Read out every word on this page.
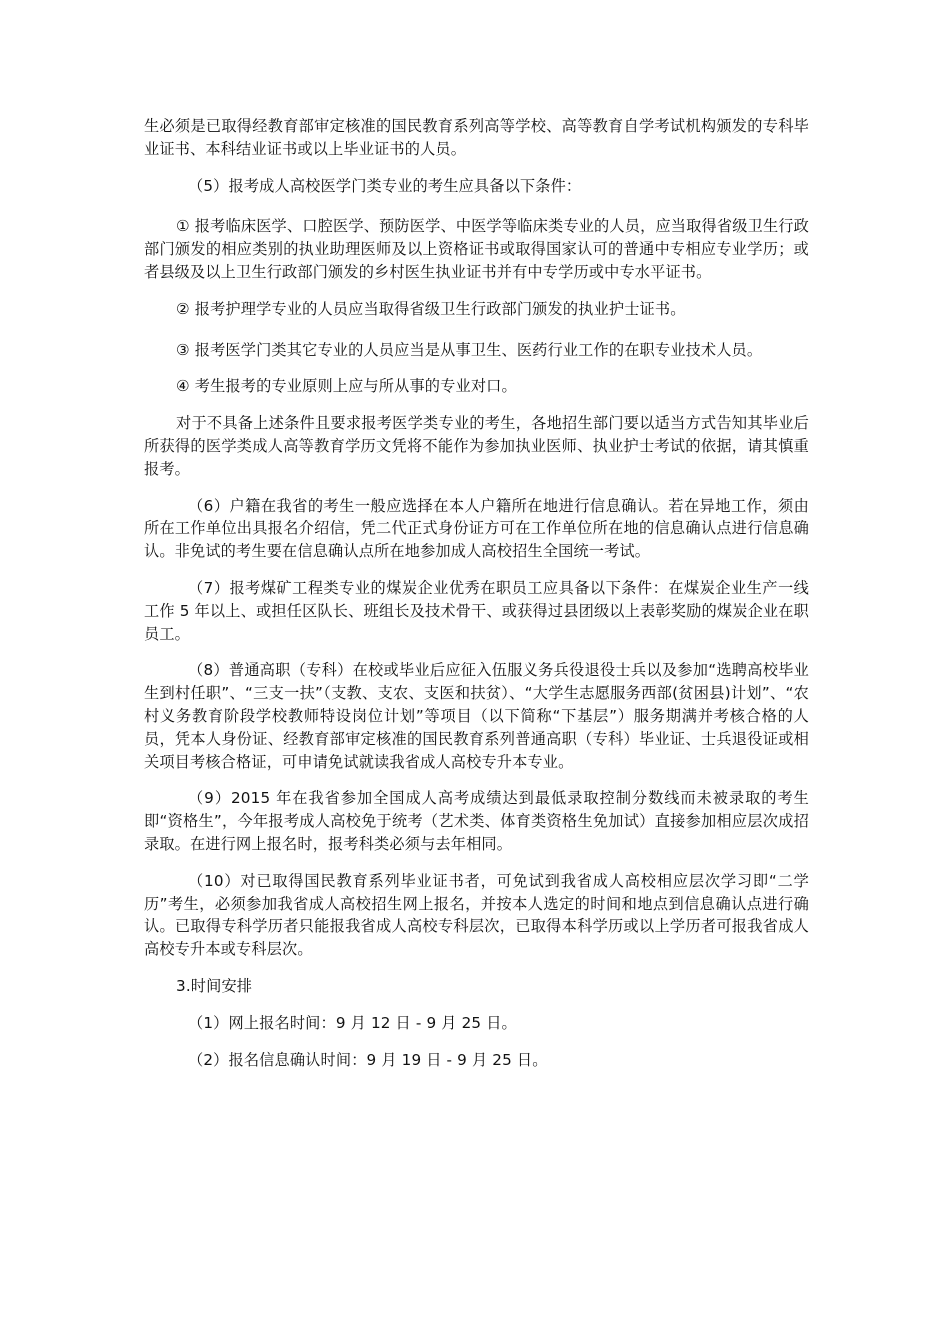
生必须是已取得经教育部审定核准的国民教育系列高等学校、高等教育自学考试机构颁发的专科毕业证书、本科结业证书或以上毕业证书的人员。

（5）报考成人高校医学门类专业的考生应具备以下条件：

① 报考临床医学、口腔医学、预防医学、中医学等临床类专业的人员，应当取得省级卫生行政部门颁发的相应类别的执业助理医师及以上资格证书或取得国家认可的普通中专相应专业学历；或者县级及以上卫生行政部门颁发的乡村医生执业证书并有中专学历或中专水平证书。

② 报考护理学专业的人员应当取得省级卫生行政部门颁发的执业护士证书。

③ 报考医学门类其它专业的人员应当是从事卫生、医药行业工作的在职专业技术人员。

④ 考生报考的专业原则上应与所从事的专业对口。

对于不具备上述条件且要求报考医学类专业的考生，各地招生部门要以适当方式告知其毕业后所获得的医学类成人高等教育学历文凭将不能作为参加执业医师、执业护士考试的依据，请其慎重报考。

（6）户籍在我省的考生一般应选择在本人户籍所在地进行信息确认。若在异地工作，须由所在工作单位出具报名介绍信，凭二代正式身份证方可在工作单位所在地的信息确认点进行信息确认。非免试的考生要在信息确认点所在地参加成人高校招生全国统一考试。

（7）报考煤矿工程类专业的煤炭企业优秀在职员工应具备以下条件：在煤炭企业生产一线工作 5 年以上、或担任区队长、班组长及技术骨干、或获得过县团级以上表彰奖励的煤炭企业在职员工。

（8）普通高职（专科）在校或毕业后应征入伍服义务兵役退役士兵以及参加“选聘高校毕业生到村任职”、“三支一扶”（支教、支农、支医和扶贫）、“大学生志愿服务西部(贫困县)计划”、“农村义务教育阶段学校教师特设岗位计划”等项目（以下简称“下基层”）服务期满并考核合格的人员，凭本人身份证、经教育部审定核准的国民教育系列普通高职（专科）毕业证、士兵退役证或相关项目考核合格证，可申请免试就读我省成人高校专升本专业。

（9）2015 年在我省参加全国成人高考成绩达到最低录取控制分数线而未被录取的考生即“资格生”，今年报考成人高校免于统考（艺术类、体育类资格生免加试）直接参加相应层次成招录取。在进行网上报名时，报考科类必须与去年相同。

（10）对已取得国民教育系列毕业证书者，可免试到我省成人高校相应层次学习即“二学历”考生，必须参加我省成人高校招生网上报名，并按本人选定的时间和地点到信息确认点进行确认。已取得专科学历者只能报我省成人高校专科层次，已取得本科学历或以上学历者可报我省成人高校专升本或专科层次。

3.时间安排

（1）网上报名时间：9 月 12 日 - 9 月 25 日。

（2）报名信息确认时间：9 月 19 日 - 9 月 25 日。
